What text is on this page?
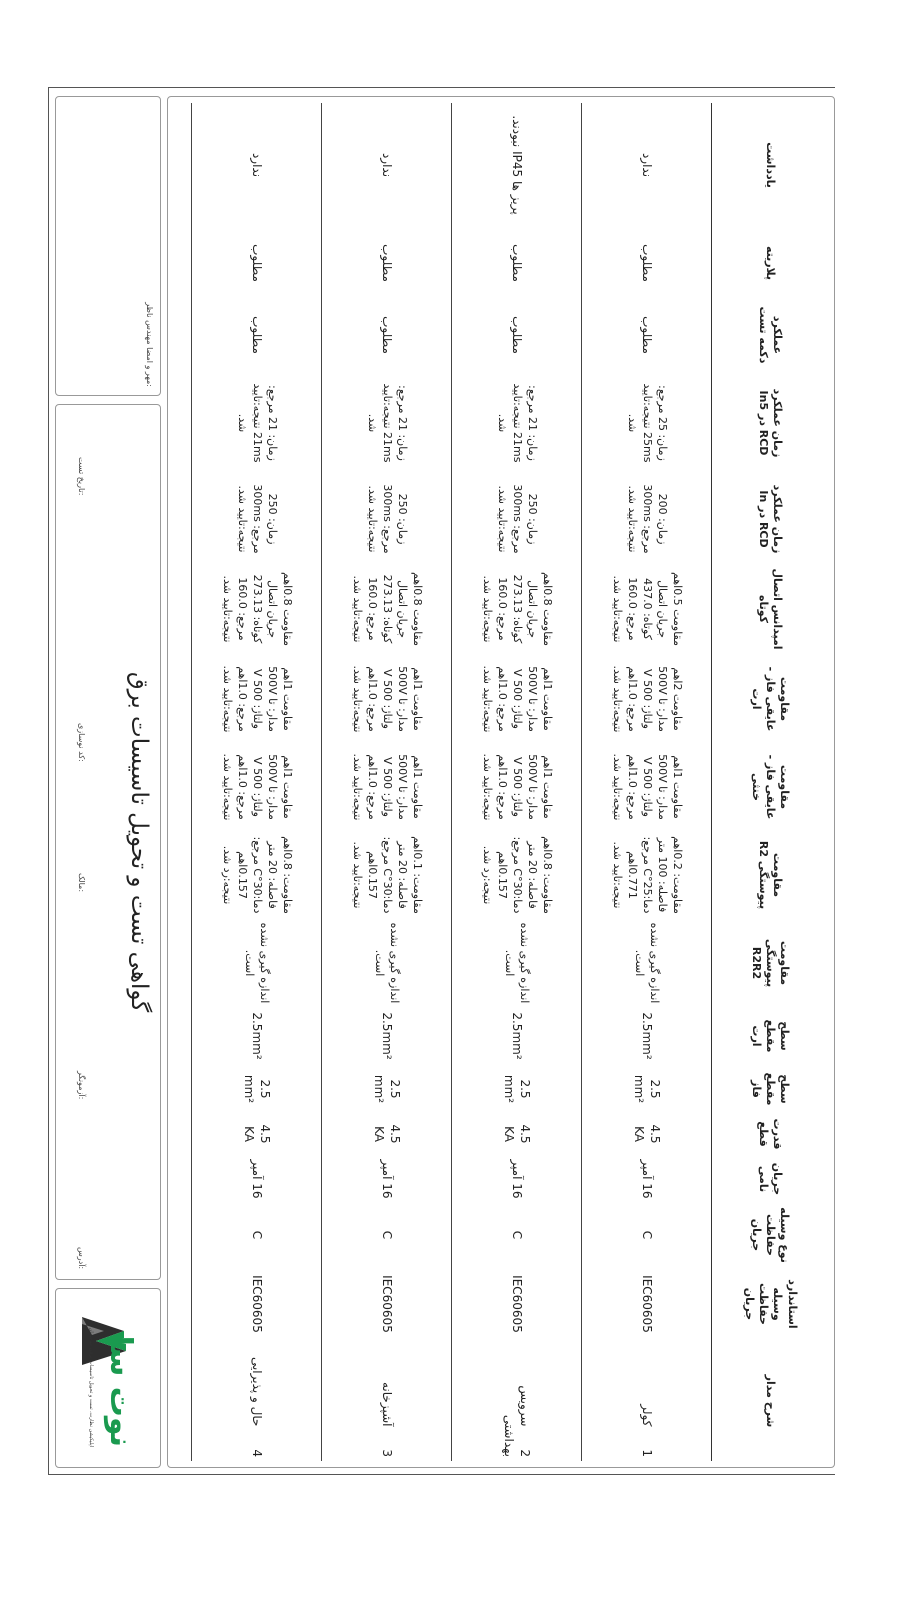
شرح مدار	استاندارد وسیله حفاظت جریان	نوع وسیله حفاظت جریان	جریان نامی	قدرت قطع	سطح مقطع فاز	سطح مقطع ارت	مقاومت پیوستگی R2R2	مقاومت پیوستگی R2	مقاومت عایقی فاز - خنثی	مقاومت عایقی فاز - ارت	امپدانس اتصال کوتاه	زمان عملکرد RCD در In	زمان عملکرد RCD در In5	عملکرد دکمه تست	پلاریته	یادداشت
1      کولر	IEC60605	C	16 آمپر	4.5 KA	2.5 mm²	2.5mm²	اندازه گیری نشده است.	مقاومت: 0.2اهم فاصله: 100 متر دما:25°C مرجع: 0.771اهم نتیجه:تایید شد.	مقاومت 1اهم مدار: تا 500V ولتاژ: 500 V مرجع: 1.0اهم نتیجه:تایید شد.	مقاومت 2اهم مدار: تا 500V ولتاژ: 500 V مرجع: 1.0اهم نتیجه:تایید شد.	مقاومت 0.5اهم جریان اتصال کوتاه: 437.0 مرجع: 160.0 نتیجه:تایید شد.	زمان: 200 مرجع: 300ms نتیجه:تایید شد.	زمان: 25 مرجع: 25ms نتیجه:تایید شد.	مطلوب	مطلوب	ندارد
2      سرویس بهداشتی	IEC60605	C	16 آمپر	4.5 KA	2.5 mm²	2.5mm²	اندازه گیری نشده است.	مقاومت: 0.8اهم فاصله: 20 متر دما:30°C مرجع: 0.157اهم نتیجه:رد شد.	مقاومت 1اهم مدار: تا 500V ولتاژ: 500 V مرجع: 1.0اهم نتیجه:تایید شد.	مقاومت 1اهم مدار: تا 500V ولتاژ: 500 V مرجع: 1.0اهم نتیجه:تایید شد.	مقاومت 0.8اهم جریان اتصال کوتاه: 273.13 مرجع: 160.0 نتیجه:تایید شد.	زمان: 250 مرجع: 300ms نتیجه:تایید شد.	زمان: 21 مرجع: 21ms نتیجه:تایید شد.	مطلوب	مطلوب	پریز ها IP45 نبودند.
3      آشپزخانه	IEC60605	C	16 آمپر	4.5 KA	2.5 mm²	2.5mm²	اندازه گیری نشده است.	مقاومت: 0.1اهم فاصله: 20 متر دما:30°C مرجع: 0.157اهم نتیجه:تایید شد.	مقاومت 1اهم مدار: تا 500V ولتاژ: 500 V مرجع: 1.0اهم نتیجه:تایید شد.	مقاومت 1اهم مدار: تا 500V ولتاژ: 500 V مرجع: 1.0اهم نتیجه:تایید شد.	مقاومت 0.8اهم جریان اتصال کوتاه: 273.13 مرجع: 160.0 نتیجه:تایید شد.	زمان: 250 مرجع: 300ms نتیجه:تایید شد.	زمان: 21 مرجع: 21ms نتیجه:تایید شد.	مطلوب	مطلوب	ندارد
4      حال و پذیرایی	IEC60605	C	16 آمپر	4.5 KA	2.5 mm²	2.5mm²	اندازه گیری نشده است.	مقاومت: 0.8اهم فاصله: 20 متر دما:30°C مرجع: 0.157اهم نتیجه:رد شد.	مقاومت 1اهم مدار: تا 500V ولتاژ: 500 V مرجع: 1.0اهم نتیجه:تایید شد.	مقاومت 1اهم مدار: تا 500V ولتاژ: 500 V مرجع: 1.0اهم نتیجه:تایید شد.	مقاومت 0.8اهم جریان اتصال کوتاه: 273.13 مرجع: 160.0 نتیجه:تایید شد.	زمان: 250 مرجع: 300ms نتیجه:تایید شد.	زمان: 21 مرجع: 21ms نتیجه:تایید شد.	مطلوب	مطلوب	ندارد
مهر و امضا مهندس ناظر:
گواهی تست و تحویل تاسیسات برق
تاریخ تست:
کد نوسازی:
مالک:
آزمونگر:
آدرس:
نوت سا
اپلیکیشن نظارت، تست و تحویل تاسیسات برقی ساختمان
